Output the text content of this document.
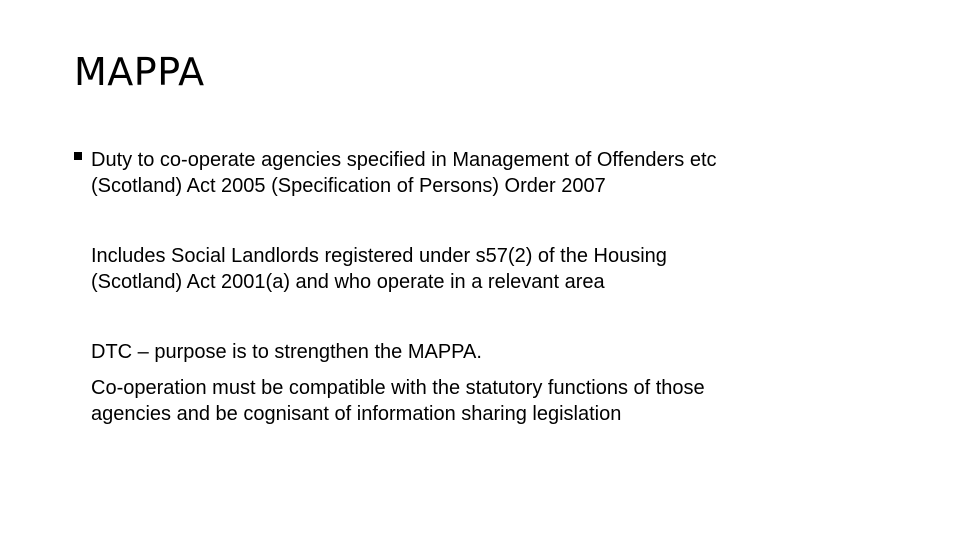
MAPPA

Duty to co-operate agencies specified in Management of Offenders etc
(Scotland) Act 2005 (Specification of Persons) Order 2007

Includes Social Landlords registered under s57(2) of the Housing
(Scotland) Act 2001(a) and who operate in a relevant area

DTC – purpose is to strengthen the MAPPA.

Co-operation must be compatible with the statutory functions of those
agencies and be cognisant of information sharing legislation
